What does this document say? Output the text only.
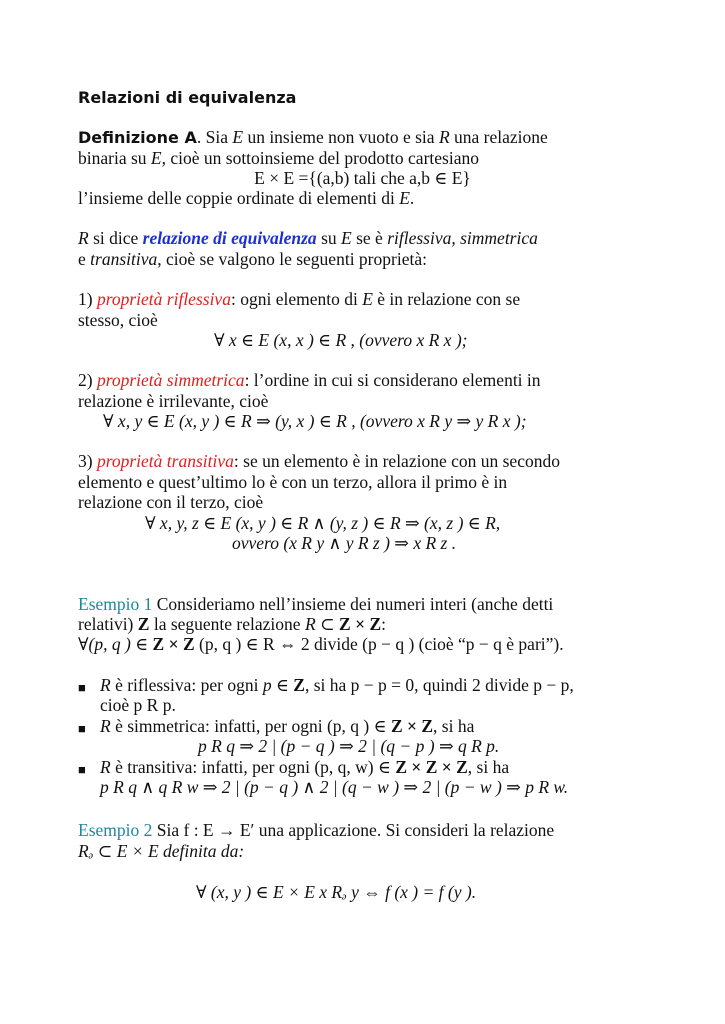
Relazioni di equivalenza
Definizione A. Sia E un insieme non vuoto e sia R una relazione
binaria su E, cioè un sottoinsieme del prodotto cartesiano
E × E ={(a,b) tali che a,b ∈ E}
l’insieme delle coppie ordinate di elementi di E.
R si dice relazione di equivalenza su E se è riflessiva, simmetrica
e transitiva, cioè se valgono le seguenti proprietà:
1) proprietà riflessiva: ogni elemento di E è in relazione con se
stesso, cioè
∀ x ∈ E (x, x ) ∈ R , (ovvero x R x );
2) proprietà simmetrica: l’ordine in cui si considerano elementi in
relazione è irrilevante, cioè
∀ x, y ∈ E (x, y ) ∈ R ⇒ (y, x ) ∈ R , (ovvero x R y ⇒ y R x );
3) proprietà transitiva: se un elemento è in relazione con un secondo
elemento e quest’ultimo lo è con un terzo, allora il primo è in
relazione con il terzo, cioè
∀ x, y, z ∈ E (x, y ) ∈ R ∧ (y, z ) ∈ R ⇒ (x, z ) ∈ R,
ovvero (x R y ∧ y R z ) ⇒ x R z .
Esempio 1 Consideriamo nell’insieme dei numeri interi (anche detti
relativi) Z la seguente relazione R ⊂ Z × Z:
∀(p, q ) ∈ Z × Z (p, q ) ∈ R ⇔ 2 divide (p − q ) (cioè “p − q è pari”).
■ R è riflessiva: per ogni p ∈ Z, si ha p − p = 0, quindi 2 divide p − p,
cioè p R p.
■ R è simmetrica: infatti, per ogni (p, q ) ∈ Z × Z, si ha
p R q ⇒ 2 | (p − q ) ⇒ 2 | (q − p ) ⇒ q R p.
■ R è transitiva: infatti, per ogni (p, q, w) ∈ Z × Z × Z, si ha
p R q ∧ q R w ⇒ 2 | (p − q ) ∧ 2 | (q − w ) ⇒ 2 | (p − w ) ⇒ p R w.
Esempio 2 Sia f : E → E′ una applicazione. Si consideri la relazione
Rₔ ⊂ E × E definita da:
∀ (x, y ) ∈ E × E x Rₔ y ⇔ f (x ) = f (y ).
